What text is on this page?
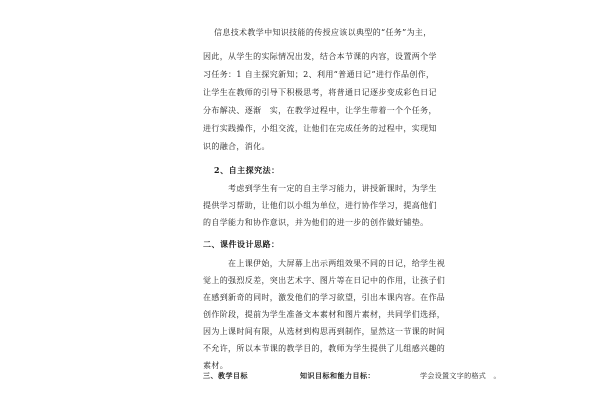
信息技术教学中知识技能的传授应该以典型的“任务”为主，
因此，从学生的实际情况出发，结合本节课的内容，设置两个学
习任务：1 自主探究新知；2、利用“普通日记”进行作品创作，
让学生在教师的引导下积极思考，将普通日记逐步变成彩色日记
分布解决、逐渐　实，在教学过程中，让学生带着一个个任务，
进行实践操作，小组交流，让他们在完成任务的过程中，实现知
识的融合，消化。
2、自主探究法：
考虑到学生有一定的自主学习能力，讲授新课时，为学生
提供学习帮助，让他们以小组为单位，进行协作学习，提高他们
的自学能力和协作意识，并为他们的进一步的创作做好铺垫。
二、课件设计思路：
在上课伊始，大屏幕上出示两组效果不同的日记，给学生视
觉上的强烈反差，突出艺术字、图片等在日记中的作用，让孩子们
在感到新奇的同时，激发他们的学习欲望，引出本课内容。在作品
创作阶段，提前为学生准备文本素材和图片素材，共同学们选择，
因为上课时间有限，从选材到构思再到制作，显然这一节课的时间
不允许，所以本节课的教学目的，教师为学生提供了儿组感兴趣的
素材。
三、教学目标	知识目标和能力目标：	学会设置文字的格式　。
